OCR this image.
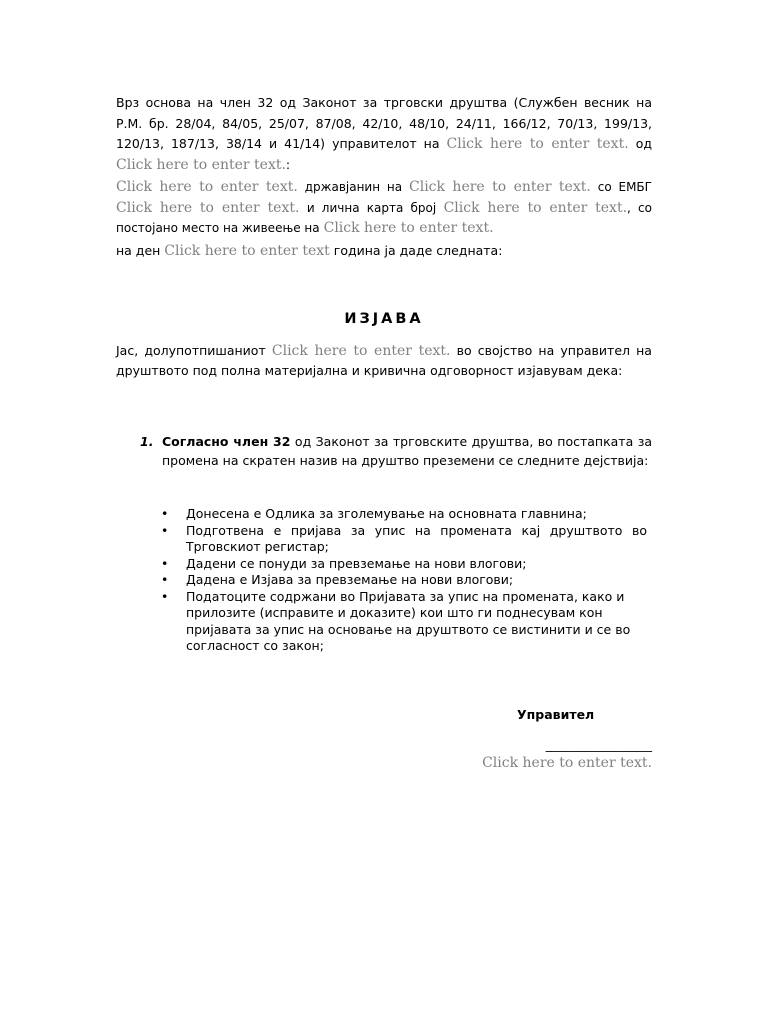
Врз основа на член 32 од Законот за трговски друштва (Службен весник на Р.М. бр. 28/04, 84/05, 25/07, 87/08, 42/10, 48/10, 24/11, 166/12, 70/13, 199/13, 120/13, 187/13, 38/14 и 41/14) управителот на Click here to enter text. од Click here to enter text.:

Click here to enter text. државјанин на Click here to enter text. со ЕМБГ Click here to enter text. и лична карта број Click here to enter text., со постојано место на живеење на Click here to enter text.

на ден Click here to enter text година ја даде следната:

ИЗЈАВА

Јас, долупотпишаниот Click here to enter text. во својство на управител на друштвото под полна материјална и кривична одговорност изјавувам дека:

1. Согласно член 32 од Законот за трговските друштва, во постапката за промена на скратен назив на друштво преземени се следните дејствија:
• Донесена е Одлика за зголемување на основната главнина;
• Подготвена е пријава за упис на промената кај друштвото во Трговскиот регистар;
• Дадени се понуди за превземање на нови влогови;
• Дадена е Изјава за превземање на нови влогови;
• Податоците содржани во Пријавата за упис на промената, како и прилозите (исправите и доказите) кои што ги поднесувам кон пријавата за упис на основање на друштвото се вистинити и се во согласност со закон;
Управител
_________________
Click here to enter text.
